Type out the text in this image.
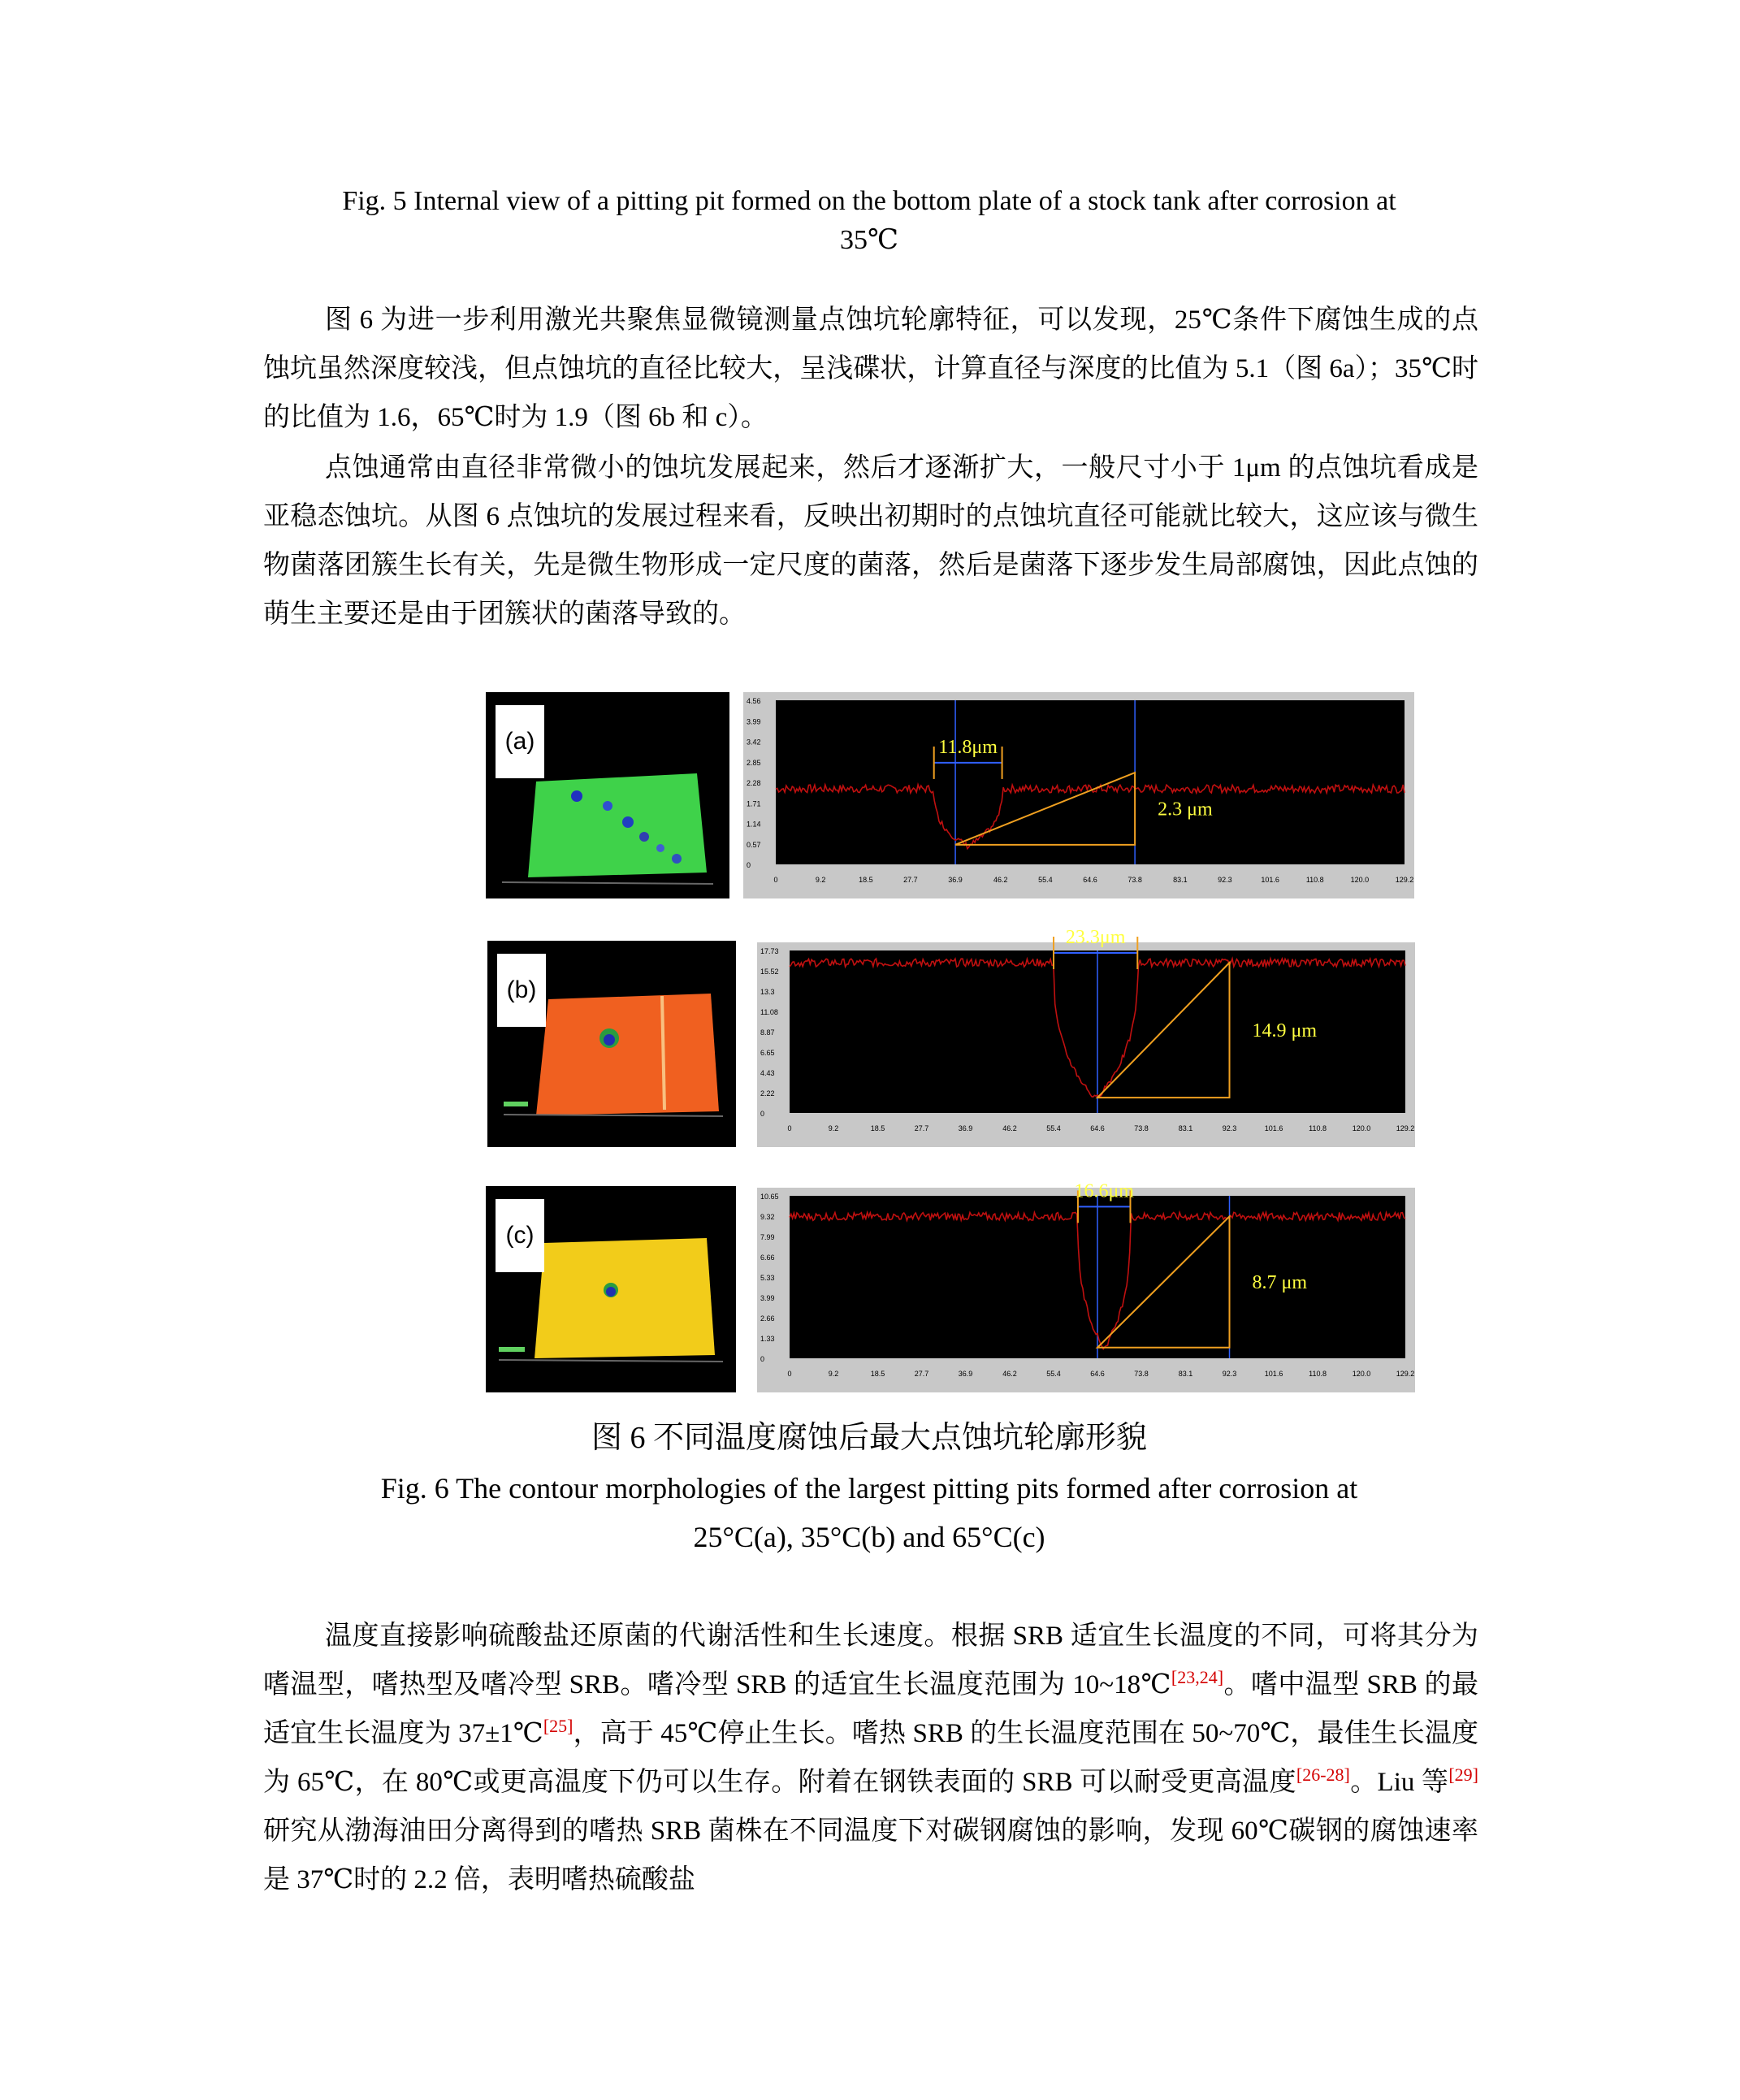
Fig. 5 Internal view of a pitting pit formed on the bottom plate of a stock tank after corrosion at
35℃
图 6 为进一步利用激光共聚焦显微镜测量点蚀坑轮廓特征，可以发现，25℃条件下腐蚀生成的点蚀坑虽然深度较浅，但点蚀坑的直径比较大，呈浅碟状，计算直径与深度的比值为 5.1（图 6a）；35℃时的比值为 1.6，65℃时为 1.9（图 6b 和 c）。
点蚀通常由直径非常微小的蚀坑发展起来，然后才逐渐扩大，一般尺寸小于 1μm 的点蚀坑看成是亚稳态蚀坑。从图 6 点蚀坑的发展过程来看，反映出初期时的点蚀坑直径可能就比较大，这应该与微生物菌落团簇生长有关，先是微生物形成一定尺度的菌落，然后是菌落下逐步发生局部腐蚀，因此点蚀的萌生主要还是由于团簇状的菌落导致的。
(a)
4.56
3.99
3.42
2.85
2.28
1.71
1.14
0.57
0
0	9.2	18.5	27.7	36.9	46.2	55.4	64.6	73.8	83.1	92.3	101.6	110.8	120.0	129.2
11.8μm
2.3 μm
(b)
17.73
15.52
13.3
11.08
8.87
6.65
4.43
2.22
0
0	9.2	18.5	27.7	36.9	46.2	55.4	64.6	73.8	83.1	92.3	101.6	110.8	120.0	129.2
23.3μm
14.9 μm
(c)
10.65
9.32
7.99
6.66
5.33
3.99
2.66
1.33
0
0	9.2	18.5	27.7	36.9	46.2	55.4	64.6	73.8	83.1	92.3	101.6	110.8	120.0	129.2
16.6μm
8.7 μm
图 6 不同温度腐蚀后最大点蚀坑轮廓形貌
Fig. 6 The contour morphologies of the largest pitting pits formed after corrosion at
25°C(a), 35°C(b) and 65°C(c)
温度直接影响硫酸盐还原菌的代谢活性和生长速度。根据 SRB 适宜生长温度的不同，可将其分为嗜温型，嗜热型及嗜冷型 SRB。嗜冷型 SRB 的适宜生长温度范围为 10~18℃[23,24]。嗜中温型 SRB 的最适宜生长温度为 37±1℃[25]，高于 45℃停止生长。嗜热 SRB 的生长温度范围在 50~70℃，最佳生长温度为 65℃，在 80℃或更高温度下仍可以生存。附着在钢铁表面的 SRB 可以耐受更高温度[26-28]。Liu 等[29]研究从渤海油田分离得到的嗜热 SRB 菌株在不同温度下对碳钢腐蚀的影响，发现 60℃碳钢的腐蚀速率是 37℃时的 2.2 倍，表明嗜热硫酸盐
